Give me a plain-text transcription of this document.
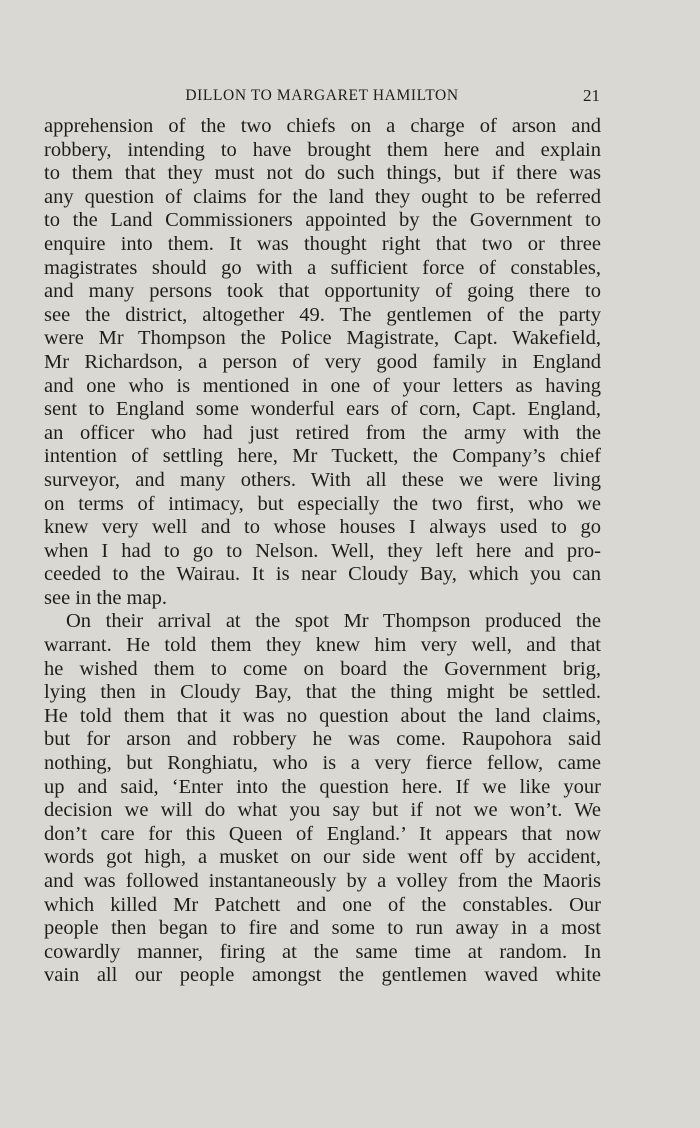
DILLON TO MARGARET HAMILTON	21
apprehension of the two chiefs on a charge of arson and
robbery, intending to have brought them here and explain
to them that they must not do such things, but if there was
any question of claims for the land they ought to be referred
to the Land Commissioners appointed by the Government to
enquire into them. It was thought right that two or three
magistrates should go with a sufficient force of constables,
and many persons took that opportunity of going there to
see the district, altogether 49. The gentlemen of the party
were Mr Thompson the Police Magistrate, Capt. Wakefield,
Mr Richardson, a person of very good family in England
and one who is mentioned in one of your letters as having
sent to England some wonderful ears of corn, Capt. England,
an officer who had just retired from the army with the
intention of settling here, Mr Tuckett, the Company’s chief
surveyor, and many others. With all these we were living
on terms of intimacy, but especially the two first, who we
knew very well and to whose houses I always used to go
when I had to go to Nelson. Well, they left here and pro-
ceeded to the Wairau. It is near Cloudy Bay, which you can
see in the map.
On their arrival at the spot Mr Thompson produced the
warrant. He told them they knew him very well, and that
he wished them to come on board the Government brig,
lying then in Cloudy Bay, that the thing might be settled.
He told them that it was no question about the land claims,
but for arson and robbery he was come. Raupohora said
nothing, but Ronghiatu, who is a very fierce fellow, came
up and said, ‘Enter into the question here. If we like your
decision we will do what you say but if not we won’t. We
don’t care for this Queen of England.’ It appears that now
words got high, a musket on our side went off by accident,
and was followed instantaneously by a volley from the Maoris
which killed Mr Patchett and one of the constables. Our
people then began to fire and some to run away in a most
cowardly manner, firing at the same time at random. In
vain all our people amongst the gentlemen waved white
